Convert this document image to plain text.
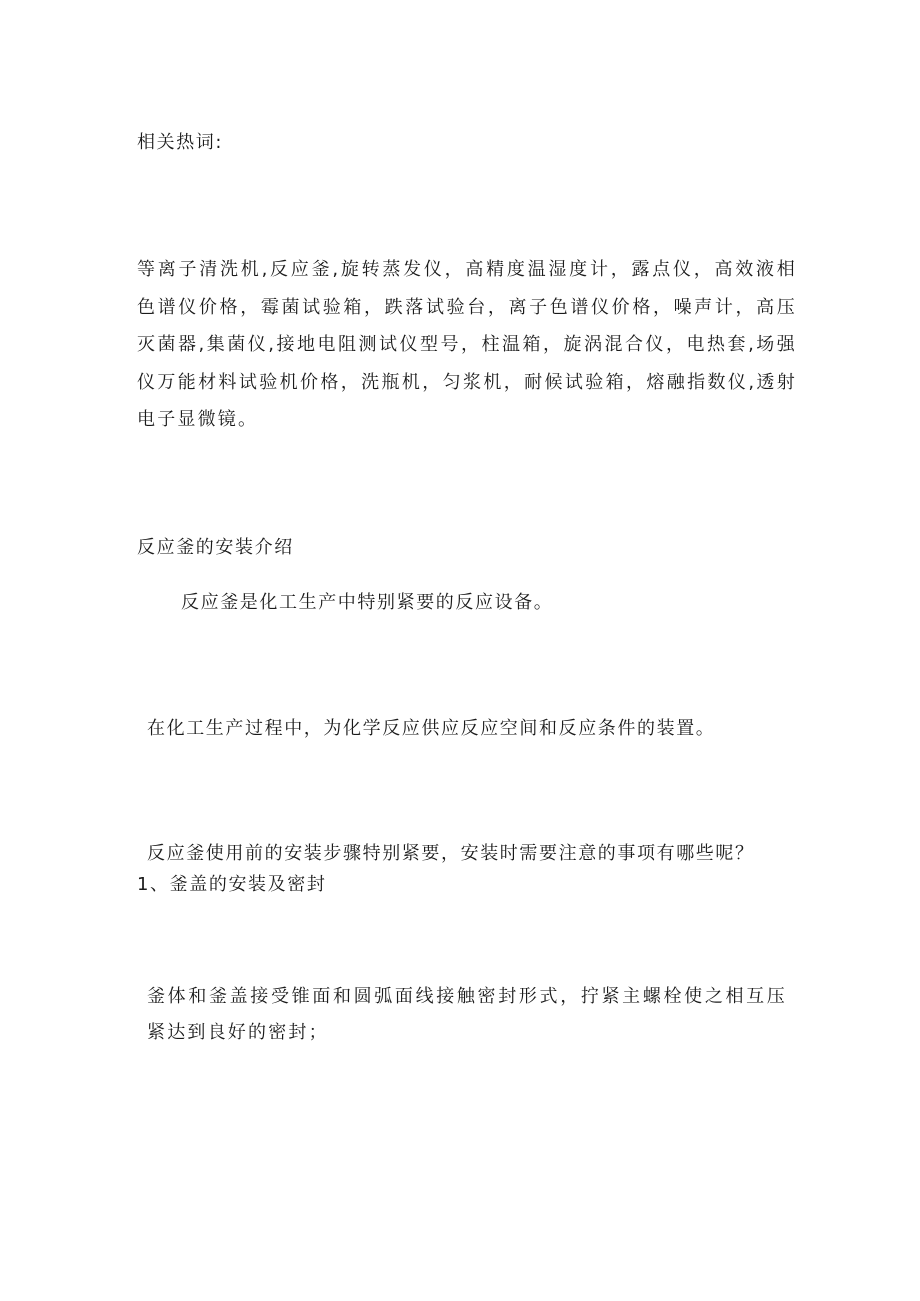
相关热词:

等离子清洗机,反应釜,旋转蒸发仪，高精度温湿度计，露点仪，高效液相色谱仪价格，霉菌试验箱，跌落试验台，离子色谱仪价格，噪声计，高压灭菌器,集菌仪,接地电阻测试仪型号，柱温箱，旋涡混合仪，电热套,场强仪万能材料试验机价格，洗瓶机，匀浆机，耐候试验箱，熔融指数仪,透射电子显微镜。

反应釜的安装介绍

反应釜是化工生产中特别紧要的反应设备。

在化工生产过程中，为化学反应供应反应空间和反应条件的装置。

反应釜使用前的安装步骤特别紧要，安装时需要注意的事项有哪些呢？

1、釜盖的安装及密封

釜体和釜盖接受锥面和圆弧面线接触密封形式，拧紧主螺栓使之相互压紧达到良好的密封；
